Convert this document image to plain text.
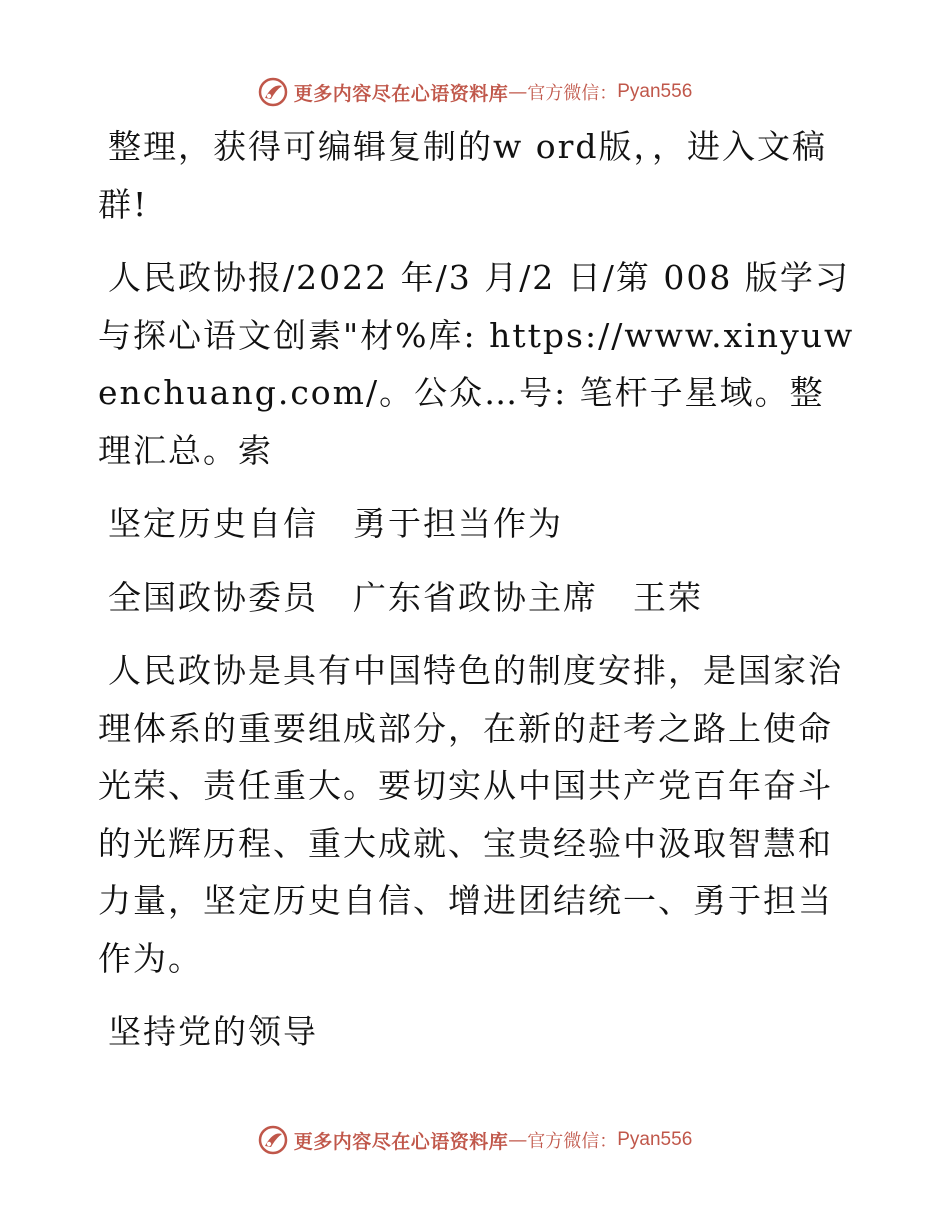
更多内容尽在心语资料库 — 官方微信： Pyan556

整理，获得可编辑复制的w ord版，，进入文稿群!

人民政协报/2022 年/3 月/2 日/第 008 版学习与探心语文创素"材%库: https://www.xinyuwenchuang.com/。公众…号: 笔杆子星域。整理汇总。索

坚定历史自信　勇于担当作为

全国政协委员　广东省政协主席　王荣

人民政协是具有中国特色的制度安排，是国家治理体系的重要组成部分，在新的赶考之路上使命光荣、责任重大。要切实从中国共产党百年奋斗的光辉历程、重大成就、宝贵经验中汲取智慧和力量，坚定历史自信、增进团结统一、勇于担当作为。

坚持党的领导

更多内容尽在心语资料库 — 官方微信： Pyan556
